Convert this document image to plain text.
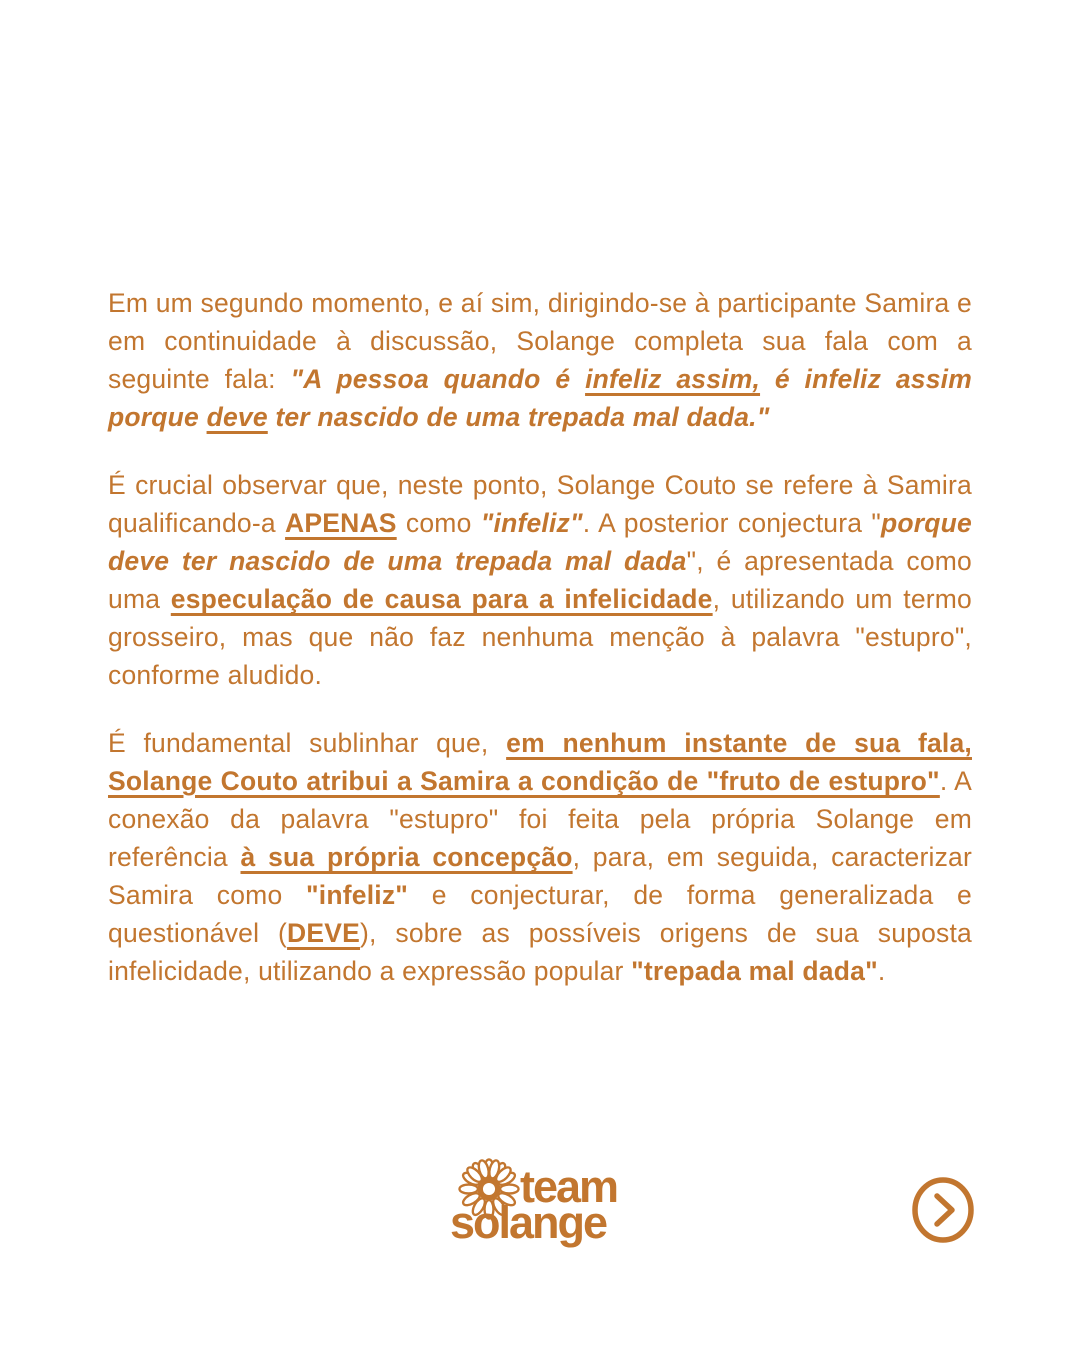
Em um segundo momento, e aí sim, dirigindo-se à participante Samira e em continuidade à discussão, Solange completa sua fala com a seguinte fala: "A pessoa quando é infeliz assim, é infeliz assim porque deve ter nascido de uma trepada mal dada."

É crucial observar que, neste ponto, Solange Couto se refere à Samira qualificando-a APENAS como "infeliz". A posterior conjectura "porque deve ter nascido de uma trepada mal dada", é apresentada como uma especulação de causa para a infelicidade, utilizando um termo grosseiro, mas que não faz nenhuma menção à palavra "estupro", conforme aludido.

É fundamental sublinhar que, em nenhum instante de sua fala, Solange Couto atribui a Samira a condição de "fruto de estupro". A conexão da palavra "estupro" foi feita pela própria Solange em referência à sua própria concepção, para, em seguida, caracterizar Samira como "infeliz" e conjecturar, de forma generalizada e questionável (DEVE), sobre as possíveis origens de sua suposta infelicidade, utilizando a expressão popular "trepada mal dada".

team
solange
